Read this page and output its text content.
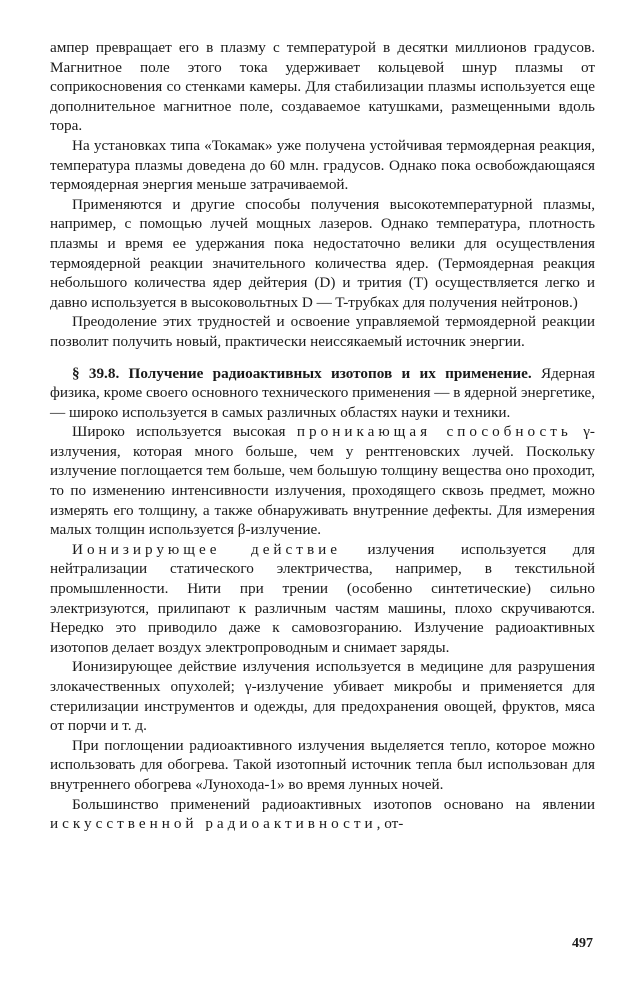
ампер превращает его в плазму с температурой в десятки миллионов градусов. Магнитное поле этого тока удерживает кольцевой шнур плазмы от соприкосновения со стенками камеры. Для стабилизации плазмы используется еще дополнительное магнитное поле, создаваемое катушками, размещенными вдоль тора.

На установках типа «Токамак» уже получена устойчивая термоядерная реакция, температура плазмы доведена до 60 млн. градусов. Однако пока освобождающаяся термоядерная энергия меньше затрачиваемой.

Применяются и другие способы получения высокотемпературной плазмы, например, с помощью лучей мощных лазеров. Однако температура, плотность плазмы и время ее удержания пока недостаточно велики для осуществления термоядерной реакции значительного количества ядер. (Термоядерная реакция небольшого количества ядер дейтерия (D) и трития (T) осуществляется легко и давно используется в высоковольтных D — T-трубках для получения нейтронов.)

Преодоление этих трудностей и освоение управляемой термоядерной реакции позволит получить новый, практически неиссякаемый источник энергии.

§ 39.8. Получение радиоактивных изотопов и их применение. Ядерная физика, кроме своего основного технического применения — в ядерной энергетике,— широко используется в самых различных областях науки и техники.

Широко используется высокая проникающая способность γ-излучения, которая много больше, чем у рентгеновских лучей. Поскольку излучение поглощается тем больше, чем большую толщину вещества оно проходит, то по изменению интенсивности излучения, проходящего сквозь предмет, можно измерять его толщину, а также обнаруживать внутренние дефекты. Для измерения малых толщин используется β-излучение.

Ионизирующее действие излучения используется для нейтрализации статического электричества, например, в текстильной промышленности. Нити при трении (особенно синтетические) сильно электризуются, прилипают к различным частям машины, плохо скручиваются. Нередко это приводило даже к самовозгоранию. Излучение радиоактивных изотопов делает воздух электропроводным и снимает заряды.

Ионизирующее действие излучения используется в медицине для разрушения злокачественных опухолей; γ-излучение убивает микробы и применяется для стерилизации инструментов и одежды, для предохранения овощей, фруктов, мяса от порчи и т. д.

При поглощении радиоактивного излучения выделяется тепло, которое можно использовать для обогрева. Такой изотопный источник тепла был использован для внутреннего обогрева «Лунохода-1» во время лунных ночей.

Большинство применений радиоактивных изотопов основано на явлении искусственной радиоактивности, от-

497
